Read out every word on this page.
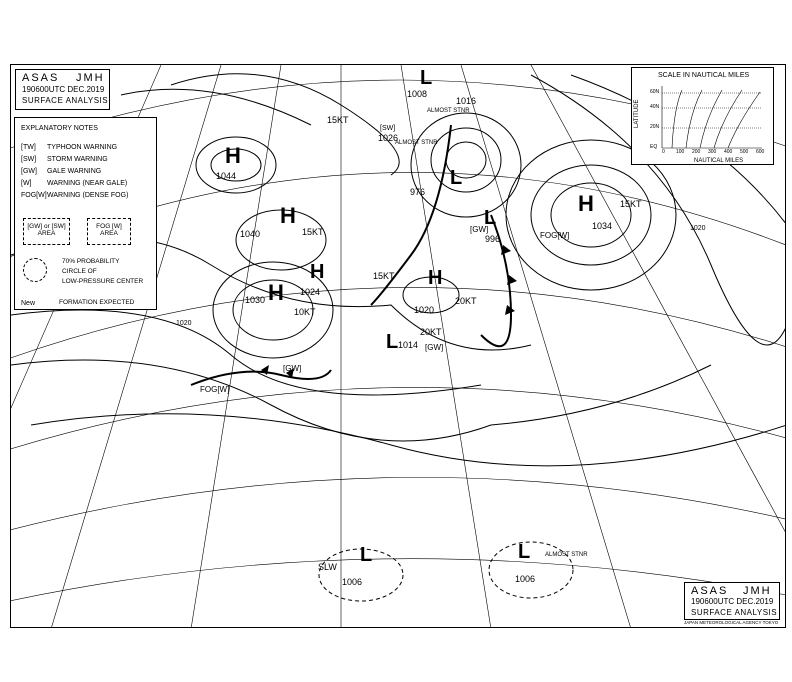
H
1044
H
1040
H
1030
H
1024
H
1034
H
1020
L
1008
1016
1026
L
976
L
996
L 1014
L
1006
L
1006
ALMOST STNR
ALMOST STNR
ALMOST STNR
15KT
15KT
20KT
20KT
10KT
15KT
15KT
SLW
[GW]
[GW]
[GW]
FOG[W]
FOG[W]
[SW]
1020
1020
ASAS JMH
190600UTC DEC.2019
SURFACE ANALYSIS
EXPLANATORY NOTES
[TW] TYPHOON WARNING
[SW] STORM WARNING
[GW] GALE WARNING
[W] WARNING (NEAR GALE)
FOG[W]WARNING (DENSE FOG)
[GW] or [SW]
AREA
FOG [W]
AREA
70% PROBABILITY
CIRCLE OF
LOW-PRESSURE CENTER
New	FORMATION EXPECTED
SCALE IN NAUTICAL MILES
LATITUDE
60N
40N
20N
EQ
0 100 200 300 400 500 600
NAUTICAL MILES
ASAS JMH
190600UTC DEC.2019
SURFACE ANALYSIS
JAPAN METEOROLOGICAL AGENCY TOKYO
